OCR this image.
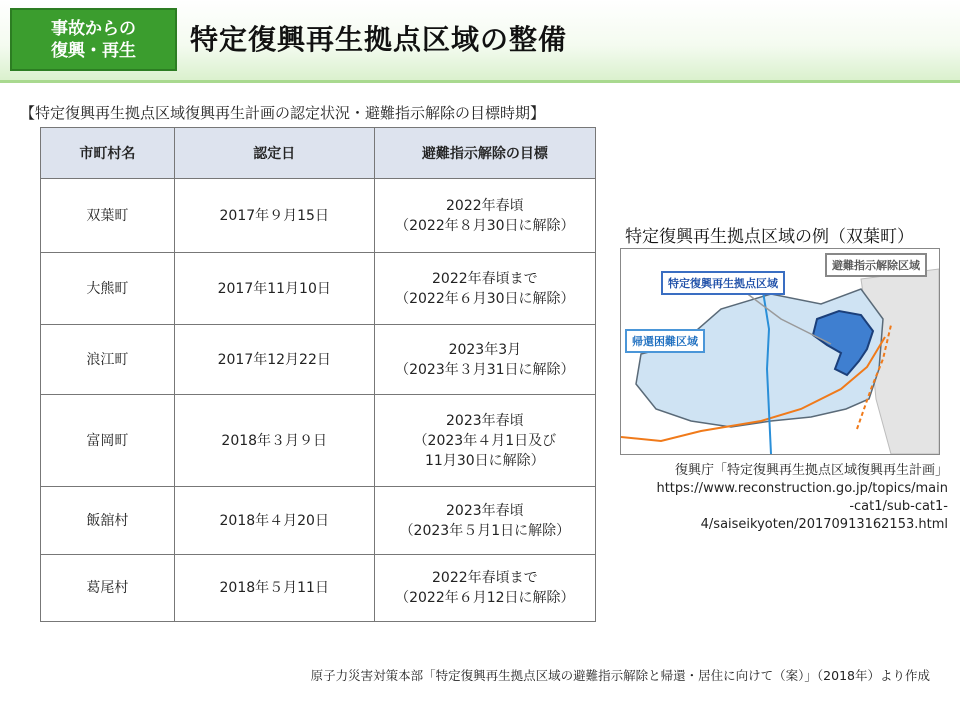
事故からの
復興・再生 特定復興再生拠点区域の整備
【特定復興再生拠点区域復興再生計画の認定状況・避難指示解除の目標時期】
市町村名	認定日	避難指示解除の目標
双葉町	2017年９月15日	2022年春頃
（2022年８月30日に解除）

大熊町	2017年11月10日	2022年春頃まで
（2022年６月30日に解除）

浪江町	2017年12月22日	2023年3月
（2023年３月31日に解除）

富岡町	2018年３月９日	2023年春頃
（2023年４月1日及び
11月30日に解除）

飯舘村	2018年４月20日	2023年春頃
（2023年５月1日に解除）

葛尾村	2018年５月11日	2022年春頃まで
（2022年６月12日に解除）
特定復興再生拠点区域の例（双葉町）
特定復興再生拠点区域
帰還困難区域
避難指示解除区域
復興庁「特定復興再生拠点区域復興再生計画」
https://www.reconstruction.go.jp/topics/main
-cat1/sub-cat1-
4/saiseikyoten/20170913162153.html
原子力災害対策本部「特定復興再生拠点区域の避難指示解除と帰還・居住に向けて（案）」（2018年）より作成
